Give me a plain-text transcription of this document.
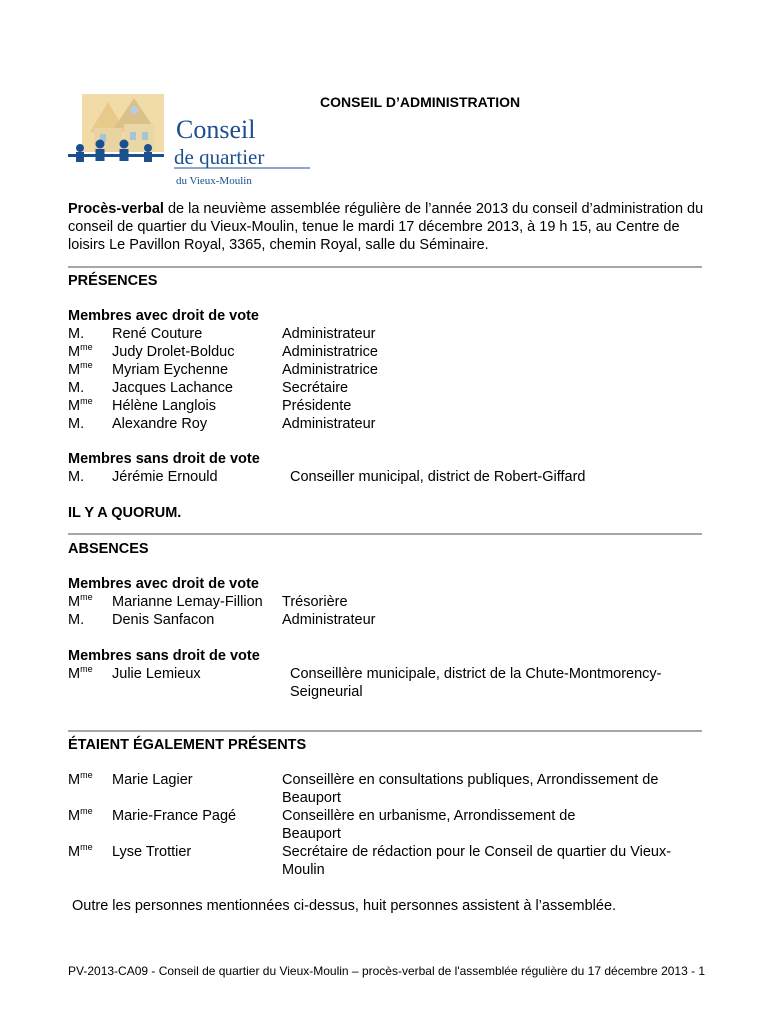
Conseil
de quartier
du Vieux-Moulin
CONSEIL D’ADMINISTRATION
Procès-verbal de la neuvième assemblée régulière de l’année 2013 du conseil d’administration du conseil de quartier du Vieux-Moulin, tenue le mardi 17 décembre 2013, à 19 h 15, au Centre de loisirs Le Pavillon Royal, 3365, chemin Royal, salle du Séminaire.
PRÉSENCES
Membres avec droit de vote
M. René Couture	Administrateur
$M^{me}$ Judy Drolet-Bolduc	Administratrice
$M^{me}$ Myriam Eychenne	Administratrice
M. Jacques Lachance	Secrétaire
$M^{me}$ Hélène Langlois	Présidente
M. Alexandre Roy	Administrateur
Membres sans droit de vote
M. Jérémie Ernould	Conseiller municipal, district de Robert-Giffard
IL Y A QUORUM.
ABSENCES
Membres avec droit de vote
$M^{me}$ Marianne Lemay-Fillion Trésorière
M. Denis Sanfacon	Administrateur
Membres sans droit de vote
$M^{me}$ Julie Lemieux	Conseillère municipale, district de la Chute-Montmorency-
Seigneurial
ÉTAIENT ÉGALEMENT PRÉSENTS
$M^{me}$ Marie Lagier	Conseillère en consultations publiques, Arrondissement de
Beauport
$M^{me}$ Marie-France Pagé	Conseillère en urbanisme, Arrondissement de
Beauport
$M^{me}$ Lyse Trottier	Secrétaire de rédaction pour le Conseil de quartier du Vieux-
Moulin
Outre les personnes mentionnées ci-dessus, huit personnes assistent à l’assemblée.
PV-2013-CA09 - Conseil de quartier du Vieux-Moulin – procès-verbal de l'assemblée régulière du 17 décembre 2013 - 1
